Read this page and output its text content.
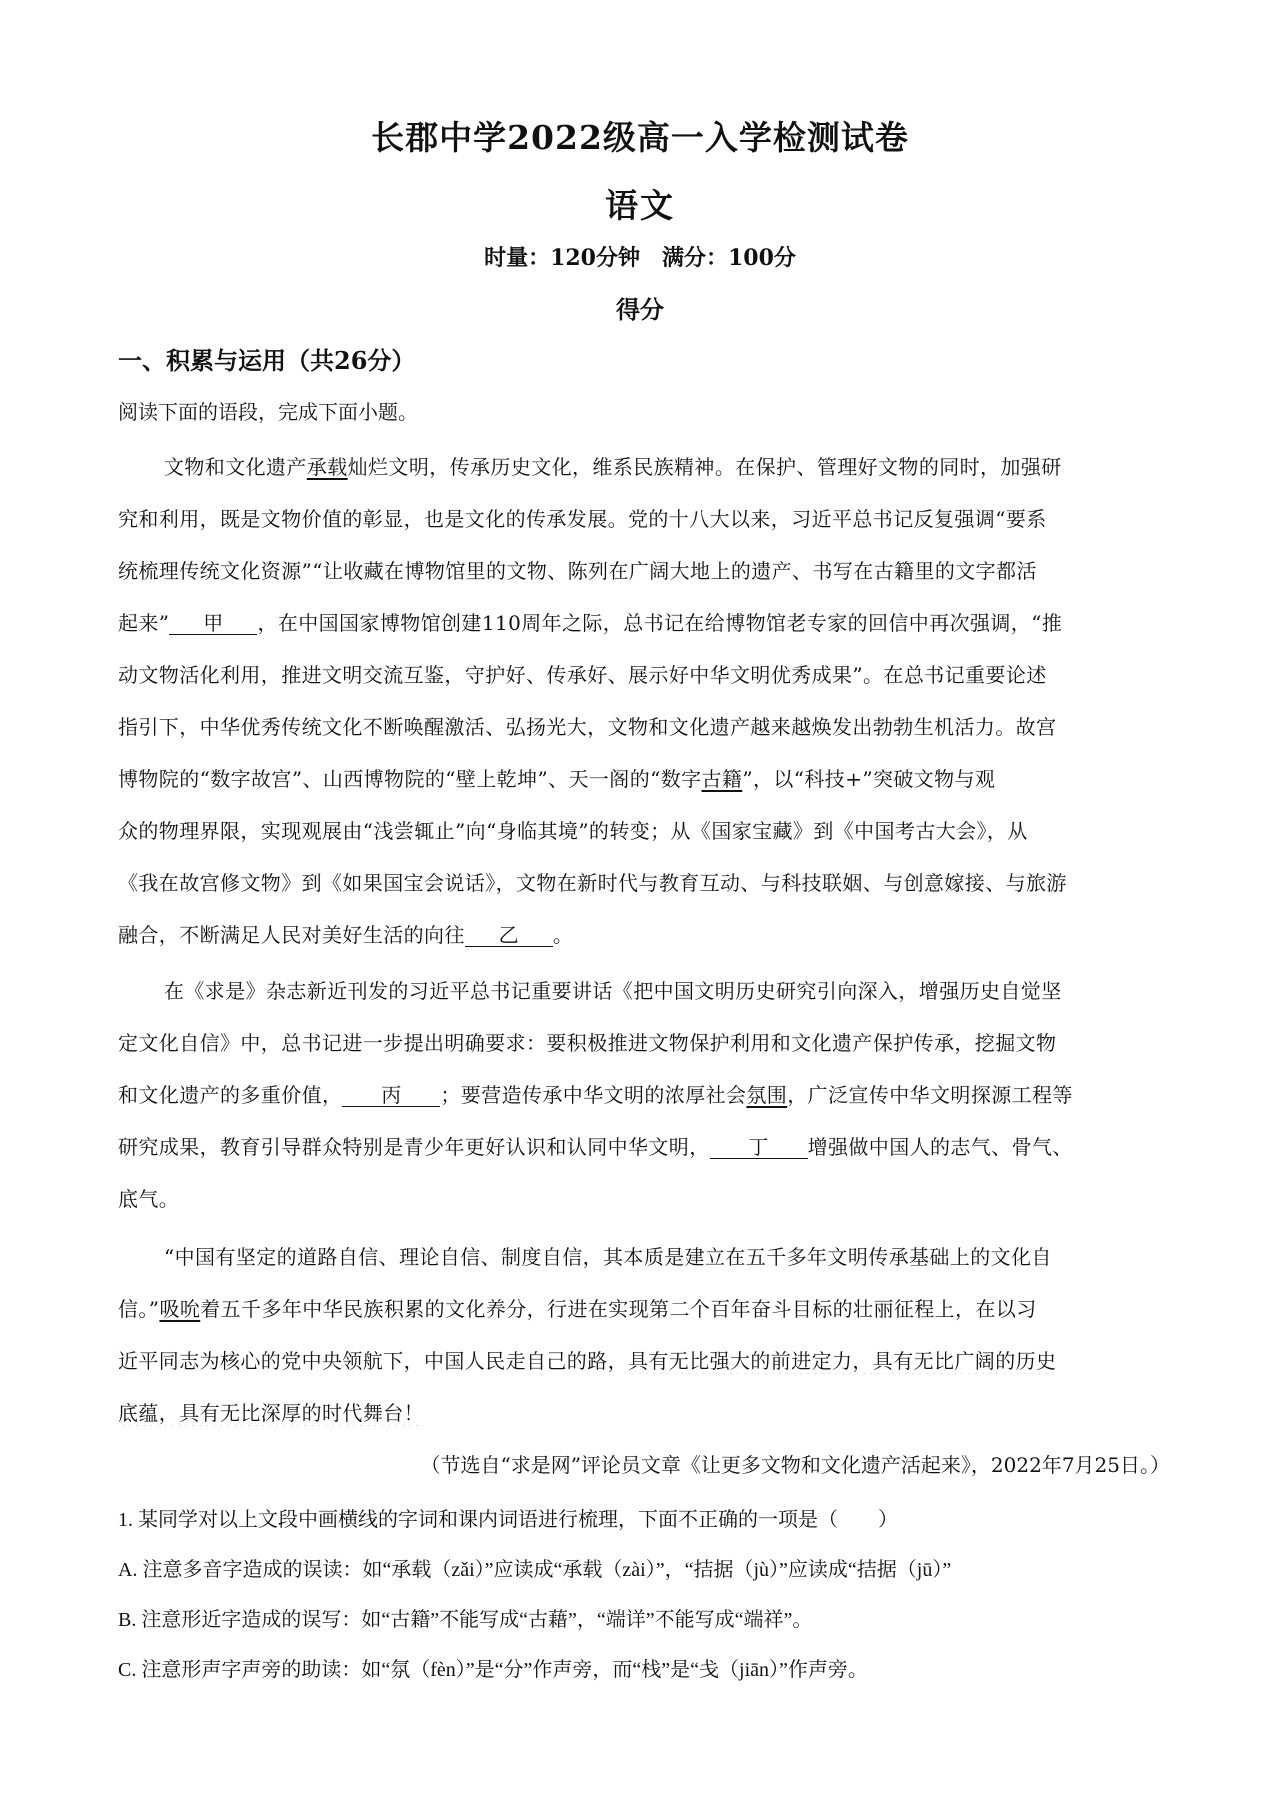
长郡中学2022级高一入学检测试卷
语文
时量：120分钟　满分：100分
得分
一、积累与运用（共26分）
阅读下面的语段，完成下面小题。
文物和文化遗产承载灿烂文明，传承历史文化，维系民族精神。在保护、管理好文物的同时，加强研
究和利用，既是文物价值的彰显，也是文化的传承发展。党的十八大以来，习近平总书记反复强调“要系
统梳理传统文化资源”“让收藏在博物馆里的文物、陈列在广阔大地上的遗产、书写在古籍里的文字都活
起来” 甲 ，在中国国家博物馆创建110周年之际，总书记在给博物馆老专家的回信中再次强调，“推
动文物活化利用，推进文明交流互鉴，守护好、传承好、展示好中华文明优秀成果”。在总书记重要论述
指引下，中华优秀传统文化不断唤醒激活、弘扬光大，文物和文化遗产越来越焕发出勃勃生机活力。故宫
博物院的“数字故宫”、山西博物院的“壁上乾坤”、天一阁的“数字古籍”，以“科技+”突破文物与观
众的物理界限，实现观展由“浅尝辄止”向“身临其境”的转变；从《国家宝藏》到《中国考古大会》，从
《我在故宫修文物》到《如果国宝会说话》，文物在新时代与教育互动、与科技联姻、与创意嫁接、与旅游
融合，不断满足人民对美好生活的向往 乙 。
在《求是》杂志新近刊发的习近平总书记重要讲话《把中国文明历史研究引向深入，增强历史自觉坚
定文化自信》中，总书记进一步提出明确要求：要积极推进文物保护利用和文化遗产保护传承，挖掘文物
和文化遗产的多重价值， 丙 ；要营造传承中华文明的浓厚社会氛围，广泛宣传中华文明探源工程等
研究成果，教育引导群众特别是青少年更好认识和认同中华文明， 丁 增强做中国人的志气、骨气、
底气。
“中国有坚定的道路自信、理论自信、制度自信，其本质是建立在五千多年文明传承基础上的文化自
信。”吸吮着五千多年中华民族积累的文化养分，行进在实现第二个百年奋斗目标的壮丽征程上，在以习
近平同志为核心的党中央领航下，中国人民走自己的路，具有无比强大的前进定力，具有无比广阔的历史
底蕴，具有无比深厚的时代舞台！
（节选自“求是网”评论员文章《让更多文物和文化遗产活起来》，2022年7月25日。）
1. 某同学对以上文段中画横线的字词和课内词语进行梳理，下面不正确的一项是（　　）
A. 注意多音字造成的误读：如“承载（zǎi）”应读成“承载（zài）”，“拮据（jù）”应读成“拮据（jū）”
B. 注意形近字造成的误写：如“古籍”不能写成“古藉”，“端详”不能写成“端祥”。
C. 注意形声字声旁的助读：如“氛（fèn）”是“分”作声旁，而“栈”是“戋（jiān）”作声旁。
